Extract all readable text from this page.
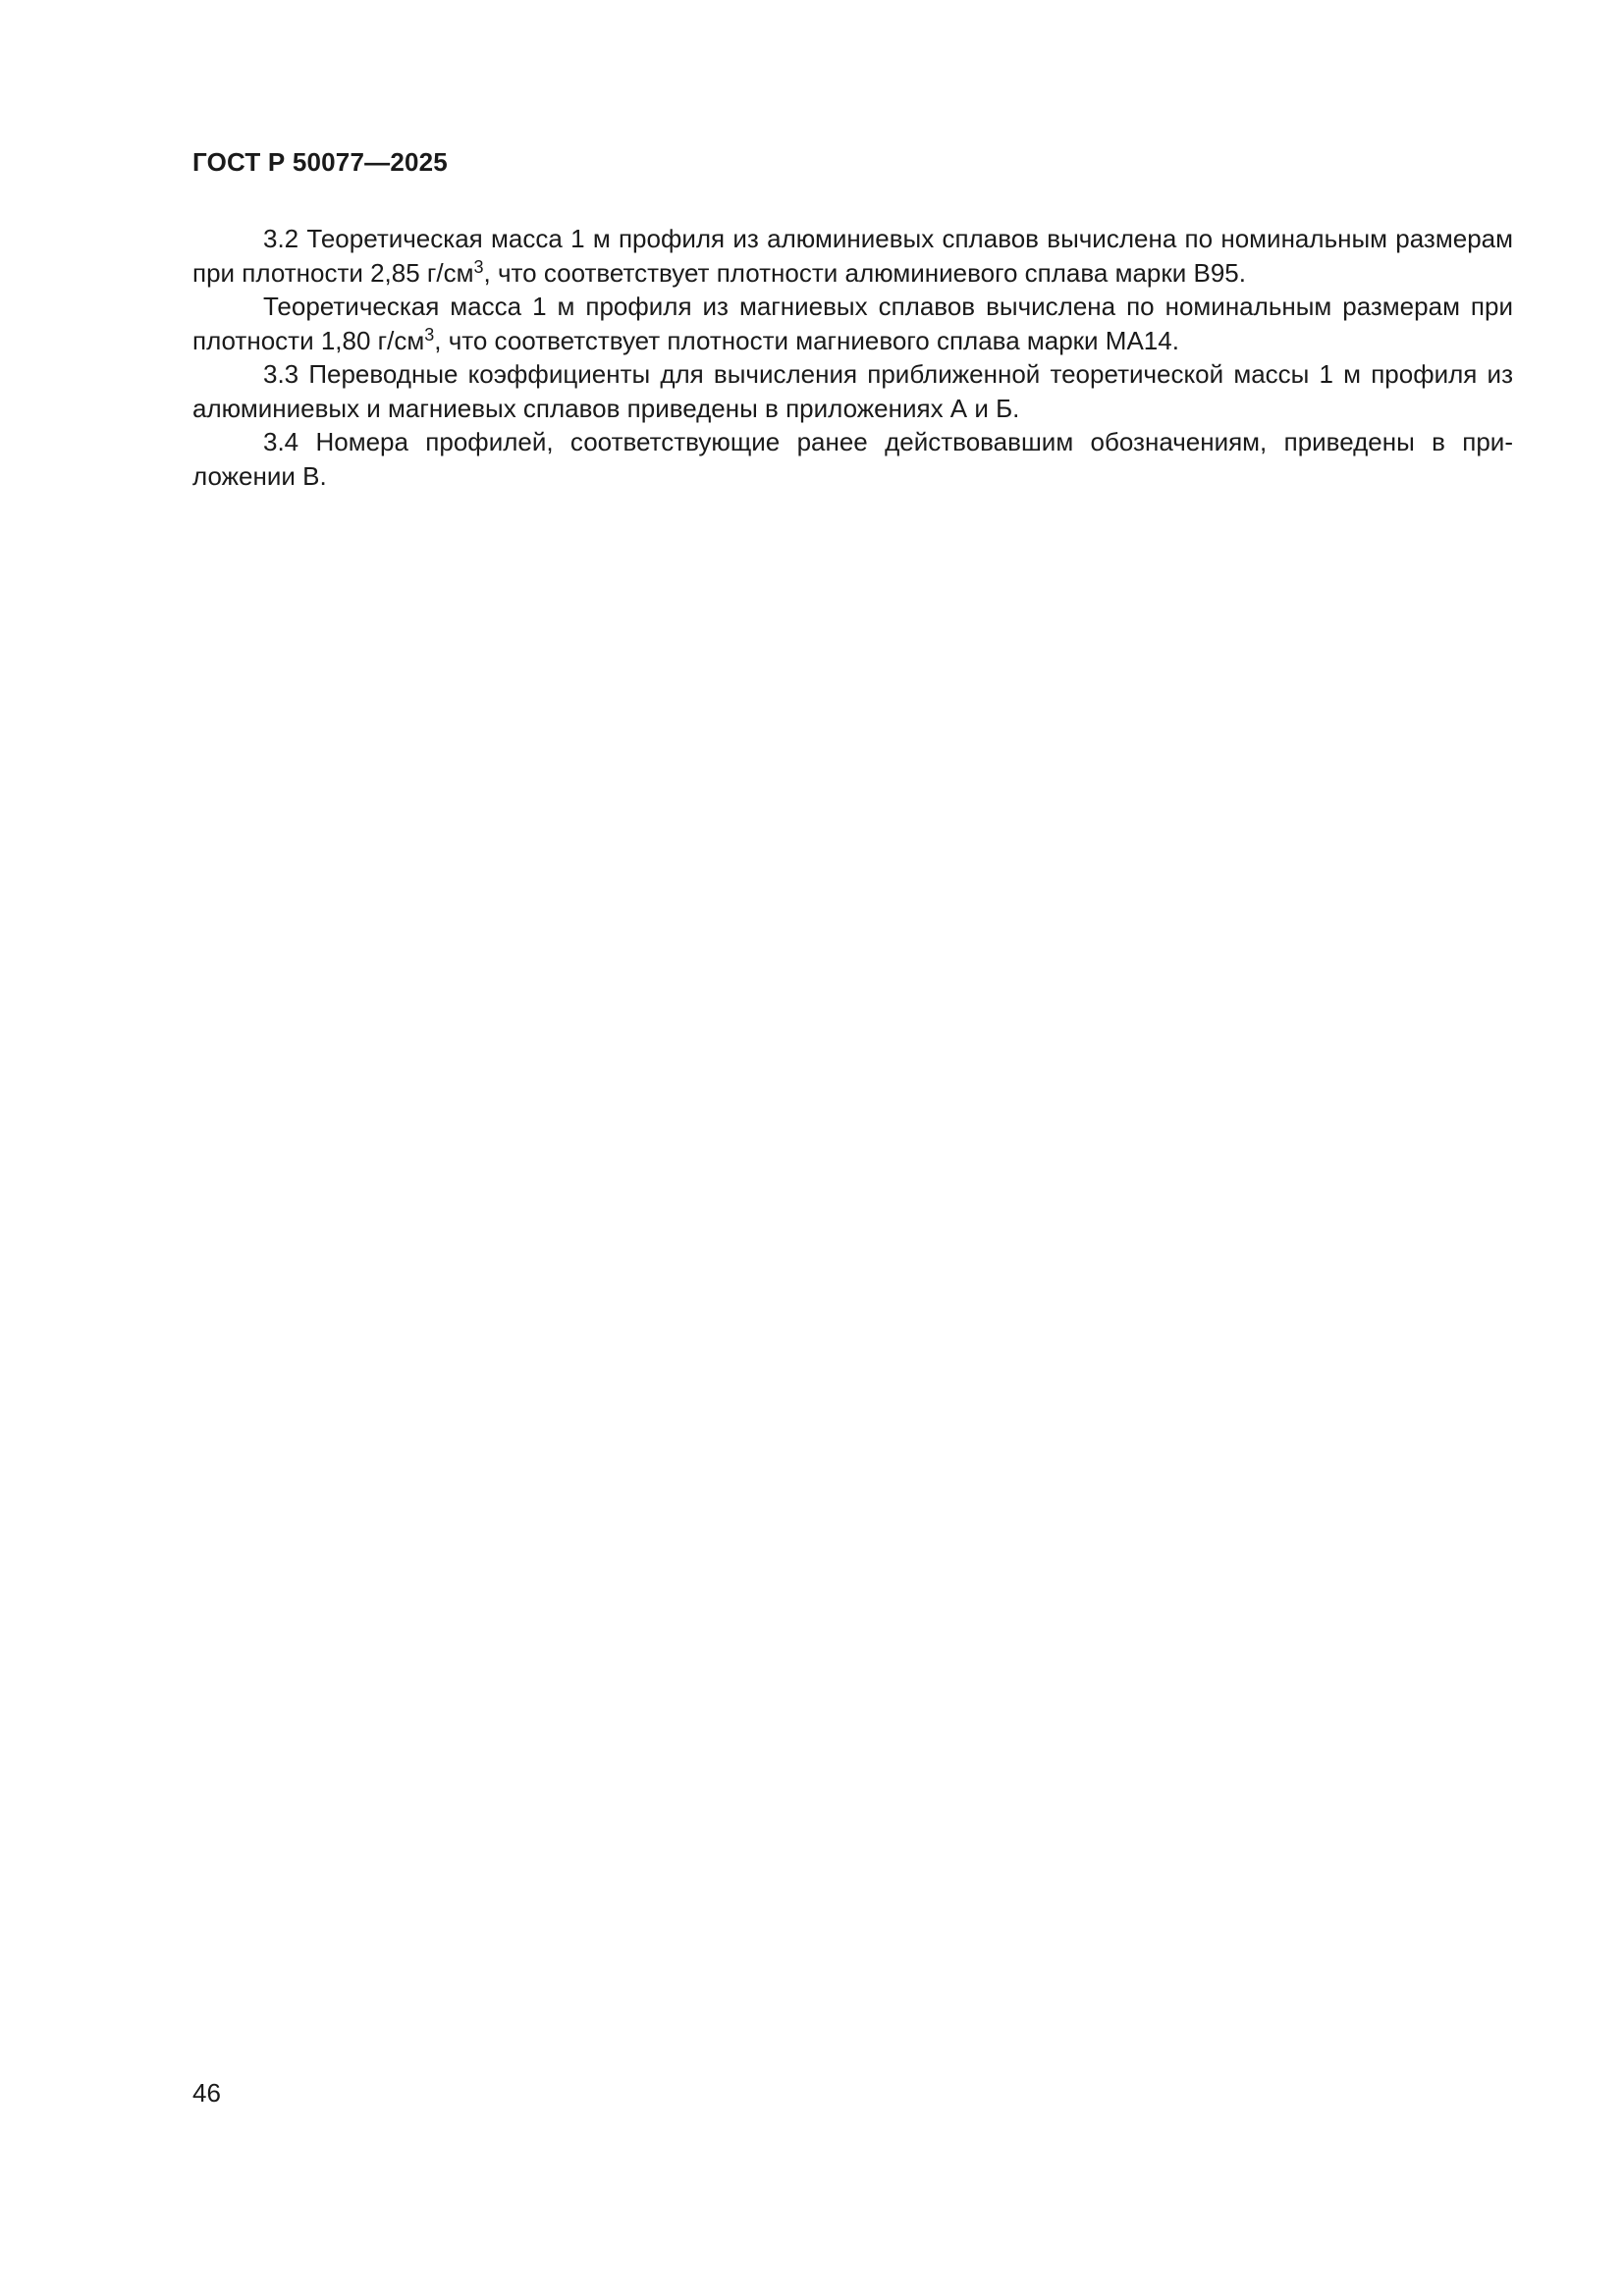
ГОСТ Р 50077—2025

3.2 Теоретическая масса 1 м профиля из алюминиевых сплавов вычислена по номинальным размерам при плотности 2,85 $г/см^3$, что соответствует плотности алюминиевого сплава марки В95.

Теоретическая масса 1 м профиля из магниевых сплавов вычислена по номинальным размерам при плотности 1,80 $г/см^3$, что соответствует плотности магниевого сплава марки МА14.

3.3 Переводные коэффициенты для вычисления приближенной теоретической массы 1 м профиля из алюминиевых и магниевых сплавов приведены в приложениях А и Б.

3.4 Номера профилей, соответствующие ранее действовавшим обозначениям, приведены в приложении В.

46
